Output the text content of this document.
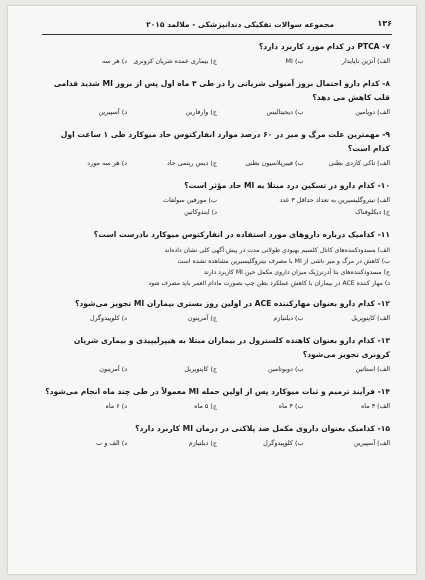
۱۳۶
مجموعه سوالات تفکیکی دندانپزشکی - ملالمد ۲۰۱۵
۷- PTCA در کدام مورد کاربرد دارد؟
الف) آنژین ناپایدار
ب) MI
ج) بیماری عمده شریان کرونری
د) هر سه
۸- کدام دارو احتمال بروز آمبولی شریانی را در طی ۳ ماه اول پس از بروز MI شدید قدامی قلب کاهش می دهد؟
الف) دوپامین
ب) دیجیتالیس
ج) وارفارین
د) آسپیرین
۹- مهمترین علت مرگ و میر در ۶۰ درصد موارد انفارکتوس حاد میوکارد طی ۱ ساعت اول کدام است؟
الف) ناکی کاردی بطنی
ب) فیبریلاسیون بطنی
ج) دیس ریتمی حاد
د) هر سه مورد
۱۰- کدام دارو در تسکین درد مبتلا به MI حاد مؤثر است؟
الف) نیتروگلیسیرین به تعداد حداقل ۳ عدد
ب) مورفین سولفات
ج) دیکلوفناک
د) ایندوکاتین
۱۱- کدامیک درباره داروهای مورد استفاده در انفارکتوس میوکارد نادرست است؟
الف) مسدودکننده‌های کانال کلسیم بهبودی طولانی مدت در پیش آگهی کلی نشان داده‌اند
ب) کاهش در مرگ و میر ناشی از MI با مصرف نیتروگلیسیرین مشاهده نشده است
ج) مسدودکننده‌های بتا آدرنرژیک میزان داروی مکمل حین MI کاربرد دارند
د) مهار کننده ACE در بیماران با کاهش عملکرد بطن چپ بصورت مادام العمر باید مصرف شود
۱۲- کدام دارو بعنوان مهارکننده ACE در اولین روز بستری بیماران MI تجویز می‌شود؟
الف) کاپتوپریل
ب) دیلتیازم
ج) آمرینون
د) کلوپیدوگرل
۱۳- کدام دارو بعنوان کاهنده کلسترول در بیماران مبتلا به هیپرلیپیدی و بیماری شریان کرونری تجویز می‌شود؟
الف) استاتین
ب) دوبوتامین
ج) کاپتوپریل
د) آمرینون
۱۴- فرآیند ترمیم و ثبات میوکارد پس از اولین حمله MI معمولاً در طی چند ماه انجام می‌شود؟
الف) ۳ ماه
ب) ۴ ماه
ج) ۵ ماه
د) ۶ ماه
۱۵- کدامیک بعنوان داروی مکمل ضد پلاکتی در درمان MI کاربرد دارد؟
الف) آسپیرین
ب) کلوپیدوگرل
ج) دیلتیازم
د) الف و ب
